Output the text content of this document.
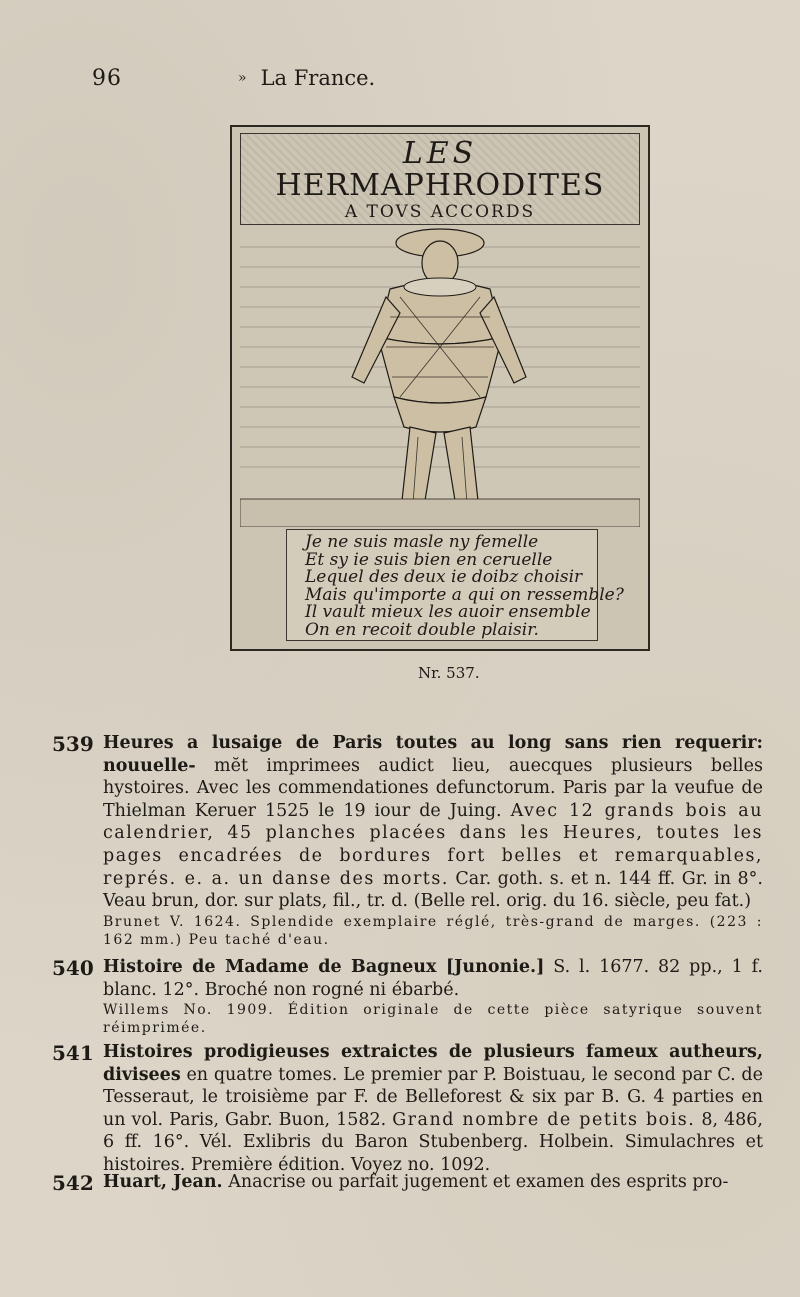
96	» La France.
LES
HERMAPHRODITES
A TOVS ACCORDS
Je ne suis masle ny femelle
Et sy ie suis bien en ceruelle
Lequel des deux ie doibz choisir
Mais qu'importe a qui on ressemble?
Il vault mieux les auoir ensemble
On en recoit double plaisir.
Nr. 537.
539 Heures a lusaige de Paris toutes au long sans rien requerir: nouuelle- mĕt imprimees audict lieu, auecques plusieurs belles hystoires. Avec les commendationes defunctorum. Paris par la veufue de Thielman Keruer 1525 le 19 iour de Juing. Avec 12 grands bois au calendrier, 45 planches placées dans les Heures, toutes les pages encadrées de bordures fort belles et remarquables, représ. e. a. un danse des morts. Car. goth. s. et n. 144 ff. Gr. in 8°. Veau brun, dor. sur plats, fil., tr. d. (Belle rel. orig. du 16. siècle, peu fat.)
Brunet V. 1624. Splendide exemplaire réglé, très-grand de marges. (223 : 162 mm.) Peu taché d'eau.
540 Histoire de Madame de Bagneux [Junonie.] S. l. 1677. 82 pp., 1 f. blanc. 12°. Broché non rogné ni ébarbé.
Willems No. 1909. Édition originale de cette pièce satyrique souvent réimprimée.
541 Histoires prodigieuses extraictes de plusieurs fameux autheurs, divisees en quatre tomes. Le premier par P. Boistuau, le second par C. de Tesseraut, le troisième par F. de Belleforest & six par B. G. 4 parties en un vol. Paris, Gabr. Buon, 1582. Grand nombre de petits bois. 8, 486, 6 ff. 16°. Vél. Exlibris du Baron Stubenberg. Holbein. Simulachres et histoires. Première édition. Voyez no. 1092.
542 Huart, Jean. Anacrise ou parfait jugement et examen des esprits pro-
